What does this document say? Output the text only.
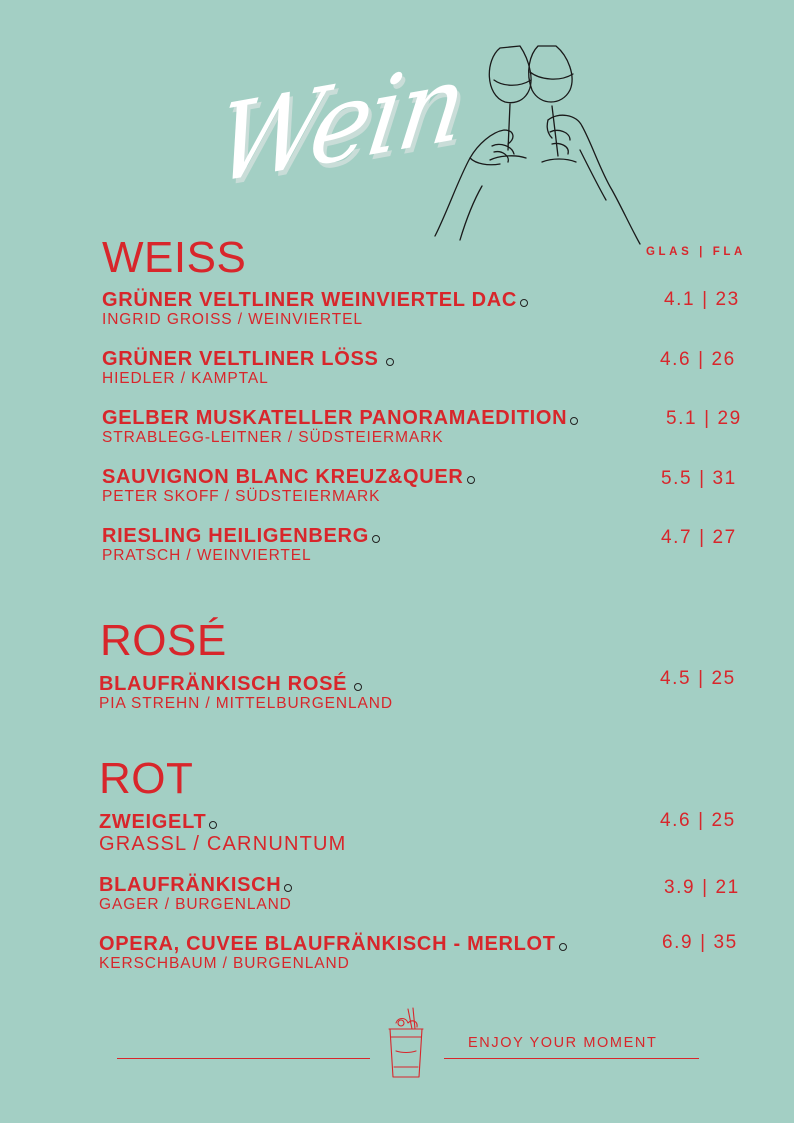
Wein
GLAS | FLA
WEISS
GRÜNER VELTLINER WEINVIERTEL DAC
INGRID GROISS / WEINVIERTEL
4.1 | 23
GRÜNER VELTLINER LÖSS
HIEDLER / KAMPTAL
4.6 | 26
GELBER MUSKATELLER PANORAMAEDITION
STRABLEGG-LEITNER / SÜDSTEIERMARK
5.1 | 29
SAUVIGNON BLANC KREUZ&QUER
PETER SKOFF / SÜDSTEIERMARK
5.5 | 31
RIESLING HEILIGENBERG
PRATSCH / WEINVIERTEL
4.7 | 27
ROSÉ
BLAUFRÄNKISCH ROSÉ
PIA STREHN / MITTELBURGENLAND
4.5 | 25
ROT
ZWEIGELT
GRASSL / CARNUNTUM
4.6 | 25
BLAUFRÄNKISCH
GAGER / BURGENLAND
3.9 | 21
OPERA, CUVEE BLAUFRÄNKISCH - MERLOT
KERSCHBAUM / BURGENLAND
6.9 | 35
ENJOY YOUR MOMENT
